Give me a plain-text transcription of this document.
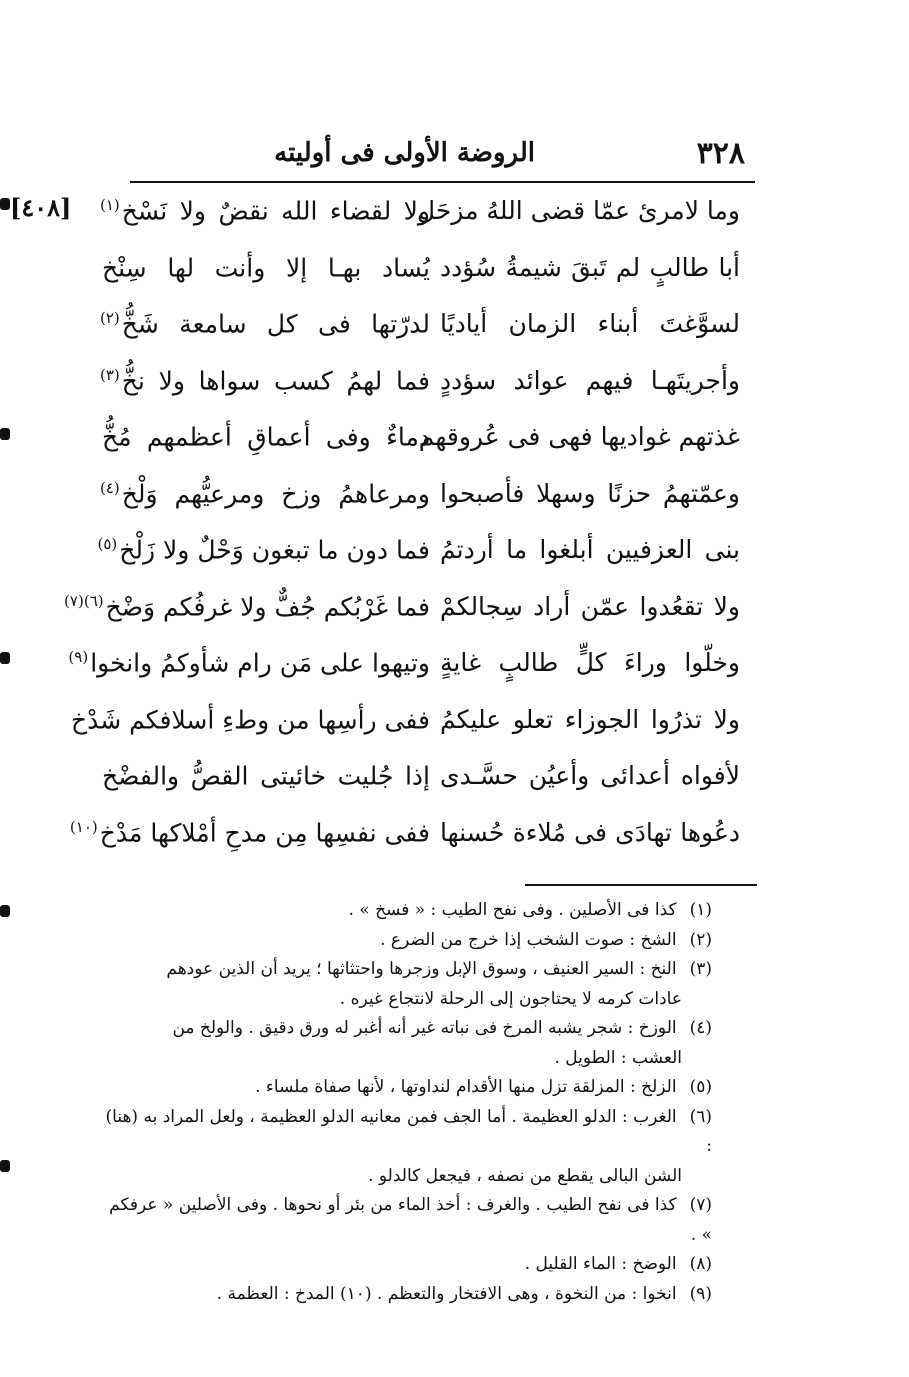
٣٢٨
الروضة الأولى فى أوليته
[٤٠٨]	وما لامرئ عمّا قضى اللهُ مزحَل
ولا لقضاء الله نقضٌ ولا نَسْخ$^{(١)}$
أبا طالبٍ لم تَبقَ شيمةُ سُؤدد
يُساد بهـا إلا وأنت لها سِنْخ
لسوَّغتَ أبناء الزمان أياديًا
لدرّتها فى كل سامعة شَخُّ$^{(٢)}$
وأجريتَهـا فيهم عوائد سؤددٍ
فما لهمُ كسب سواها ولا نخُّ$^{(٣)}$
غذتهم غواديها فهى فى عُروقهم
دماءٌ وفى أعماقِ أعظمهم مُخُّ
وعمّتهمُ حزنًا وسهلا فأصبحوا
ومرعاهمُ وزخ ومرعيُّهم وَلْخ$^{(٤)}$
بنى العزفيين أبلغوا ما أردتمُ
فما دون ما تبغون وَحْلٌ ولا زَلْخ$^{(٥)}$
ولا تقعُدوا عمّن أراد سِجالكمْ
فما غَرْبُكم جُفٌّ ولا غرفُكم وَضْخ$^{(٦)(٧)}$
وخلّوا وراءَ كلٍّ طالبٍ غايةٍ
وتيهوا على مَن رام شأوكمُ وانخوا$^{(٩)}$
ولا تذرُوا الجوزاء تعلو عليكمُ
ففى رأسِها من وطءِ أسلافكم شَدْخ
لأفواه أعدائى وأعيُن حسَّـدى
إذا جُليت خائيتى القصُّ والفضْخ
دعُوها تهادَى فى مُلاءة حُسنها
ففى نفسِها مِن مدحِ أمْلاكها مَدْخ$^{(١٠)}$

(١) كذا فى الأصلين . وفى نفح الطيب : « فسخ » .

(٢) الشخ : صوت الشخب إذا خرج من الضرع .

(٣) النخ : السير العنيف ، وسوق الإبل وزجرها واحتثاثها ؛ يريد أن الذين عودهم

عادات كرمه لا يحتاجون إلى الرحلة لانتجاع غيره .

(٤) الوزخ : شجر يشبه المرخ فى نباته غير أنه أغبر له ورق دقيق . والولخ من

العشب : الطويل .

(٥) الزلخ : المزلقة تزل منها الأقدام لنداوتها ، لأنها صفاة ملساء .

(٦) الغرب : الدلو العظيمة . أما الجف فمن معانيه الدلو العظيمة ، ولعل المراد به (هنا) :

الشن البالى يقطع من نصفه ، فيجعل كالدلو .

(٧) كذا فى نفح الطيب . والغرف : أخذ الماء من بئر أو نحوها . وفى الأصلين « عرفكم » .

(٨) الوضخ : الماء القليل .

(٩) انخوا : من النخوة ، وهى الافتخار والتعظم . (١٠) المدخ : العظمة .
